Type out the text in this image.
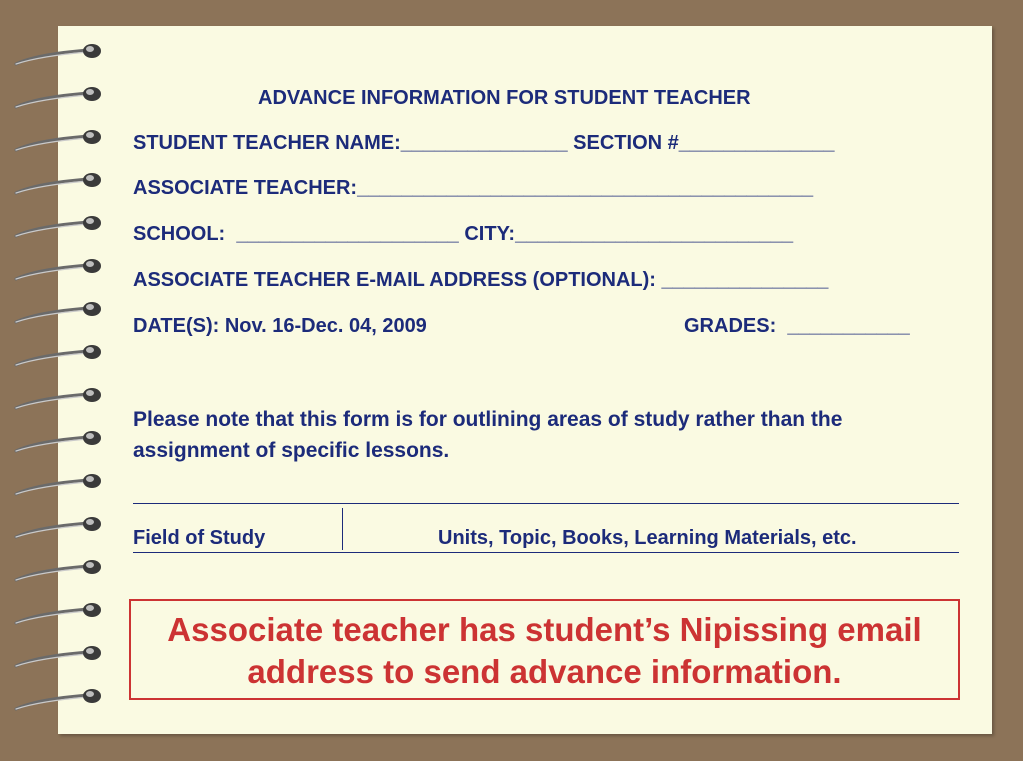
ADVANCE INFORMATION FOR STUDENT TEACHER
STUDENT TEACHER NAME:_______________ SECTION #______________
ASSOCIATE TEACHER:_________________________________________
SCHOOL:  ____________________ CITY:_________________________
ASSOCIATE TEACHER E-MAIL ADDRESS (OPTIONAL): _______________
DATE(S): Nov. 16-Dec. 04, 2009	GRADES:  ___________
Please note that this form is for outlining areas of study rather than the assignment of specific lessons.
Field of Study	Units, Topic, Books, Learning Materials, etc.
Associate teacher has student’s Nipissing email address to send advance information.
